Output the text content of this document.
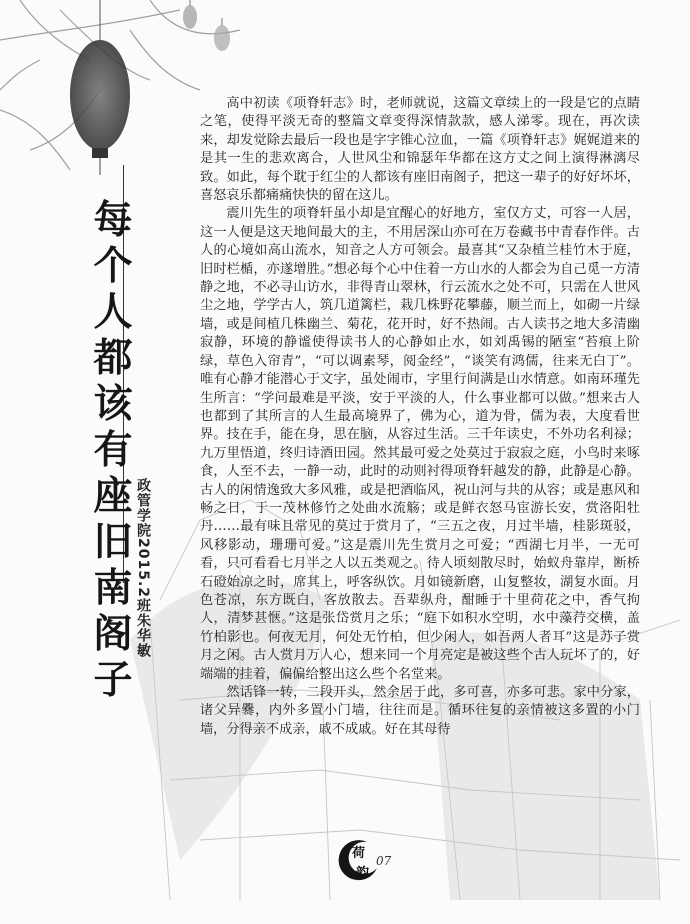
每
个
人
都
该
有
座
旧
南
阁
子
政管学院
2015.2班
朱华敏

高中初读《项脊轩志》时，老师就说，这篇文章续上的一段是它的点睛之笔，使得平淡无奇的整篇文章变得深情款款，感人涕零。现在，再次读来，却发觉除去最后一段也是字字锥心泣血，一篇《项脊轩志》娓娓道来的是其一生的悲欢离合，人世风尘和锦瑟年华都在这方丈之间上演得淋漓尽致。如此，每个耽于红尘的人都该有座旧南阁子，把这一辈子的好好坏坏，喜怒哀乐都痛痛快快的留在这儿。

震川先生的项脊轩虽小却是宜醒心的好地方，室仅方丈，可容一人居，这一人便是这天地间最大的主，不用居深山亦可在万卷藏书中青春作伴。古人的心境如高山流水，知音之人方可领会。最喜其“又杂植兰桂竹木于庭，旧时栏楯，亦遂增胜。”想必每个心中住着一方山水的人都会为自己觅一方清静之地，不必寻山访水，非得青山翠林，行云流水之处不可，只需在人世风尘之地，学学古人，筑几道篱栏，栽几株野花攀藤，顺兰而上，如砌一片绿墙，或是间植几株幽兰、菊花，花开时，好不热闹。古人读书之地大多清幽寂静，环境的静谧使得读书人的心静如止水，如刘禹锡的陋室“苔痕上阶绿，草色入帘青”，“可以调素琴，阅金经”，“谈笑有鸿儒，往来无白丁”。唯有心静才能潜心于文字，虽处闹市，字里行间满是山水情意。如南环瑾先生所言：“学问最难是平淡，安于平淡的人，什么事业都可以做。”想来古人也都到了其所言的人生最高境界了，佛为心，道为骨，儒为表，大度看世界。技在手，能在身，思在脑，从容过生活。三千年读史，不外功名利禄；九万里悟道，终归诗酒田园。然其最可爱之处莫过于寂寂之庭，小鸟时来啄食，人至不去，一静一动，此时的动则衬得项脊轩越发的静，此静是心静。古人的闲情逸致大多风雅，或是把酒临风，祝山河与共的从容；或是惠风和畅之日，于一茂林修竹之处曲水流觞；或是鲜衣怒马宦游长安，赏洛阳牡丹……最有味且常见的莫过于赏月了，“三五之夜，月过半墙，桂影斑驳，风移影动，珊珊可爱。”这是震川先生赏月之可爱；“西湖七月半，一无可看，只可看看七月半之人以五类观之。待人顷刻散尽时，始蚁舟靠岸，断桥石磴始凉之时，席其上，呼客纵饮。月如镜新磨，山复整妆，湖复水面。月色苍凉，东方既白，客放散去。吾辈纵舟，酣睡于十里荷花之中，香气拘人，清梦甚惬。”这是张岱赏月之乐；“庭下如积水空明，水中藻荇交横，盖竹柏影也。何夜无月，何处无竹柏，但少闲人，如吾两人者耳”这是苏子赏月之闲。古人赏月万人心，想来同一个月亮定是被这些个古人玩坏了的，好端端的挂着，偏偏给整出这么些个名堂来。

然话锋一转，二段开头，然余居于此，多可喜，亦多可悲。家中分家，诸父异爨，内外多置小门墙，往往而是。循环往复的亲情被这多置的小门墙，分得亲不成亲，戚不成戚。好在其母待

荷
韵
07
